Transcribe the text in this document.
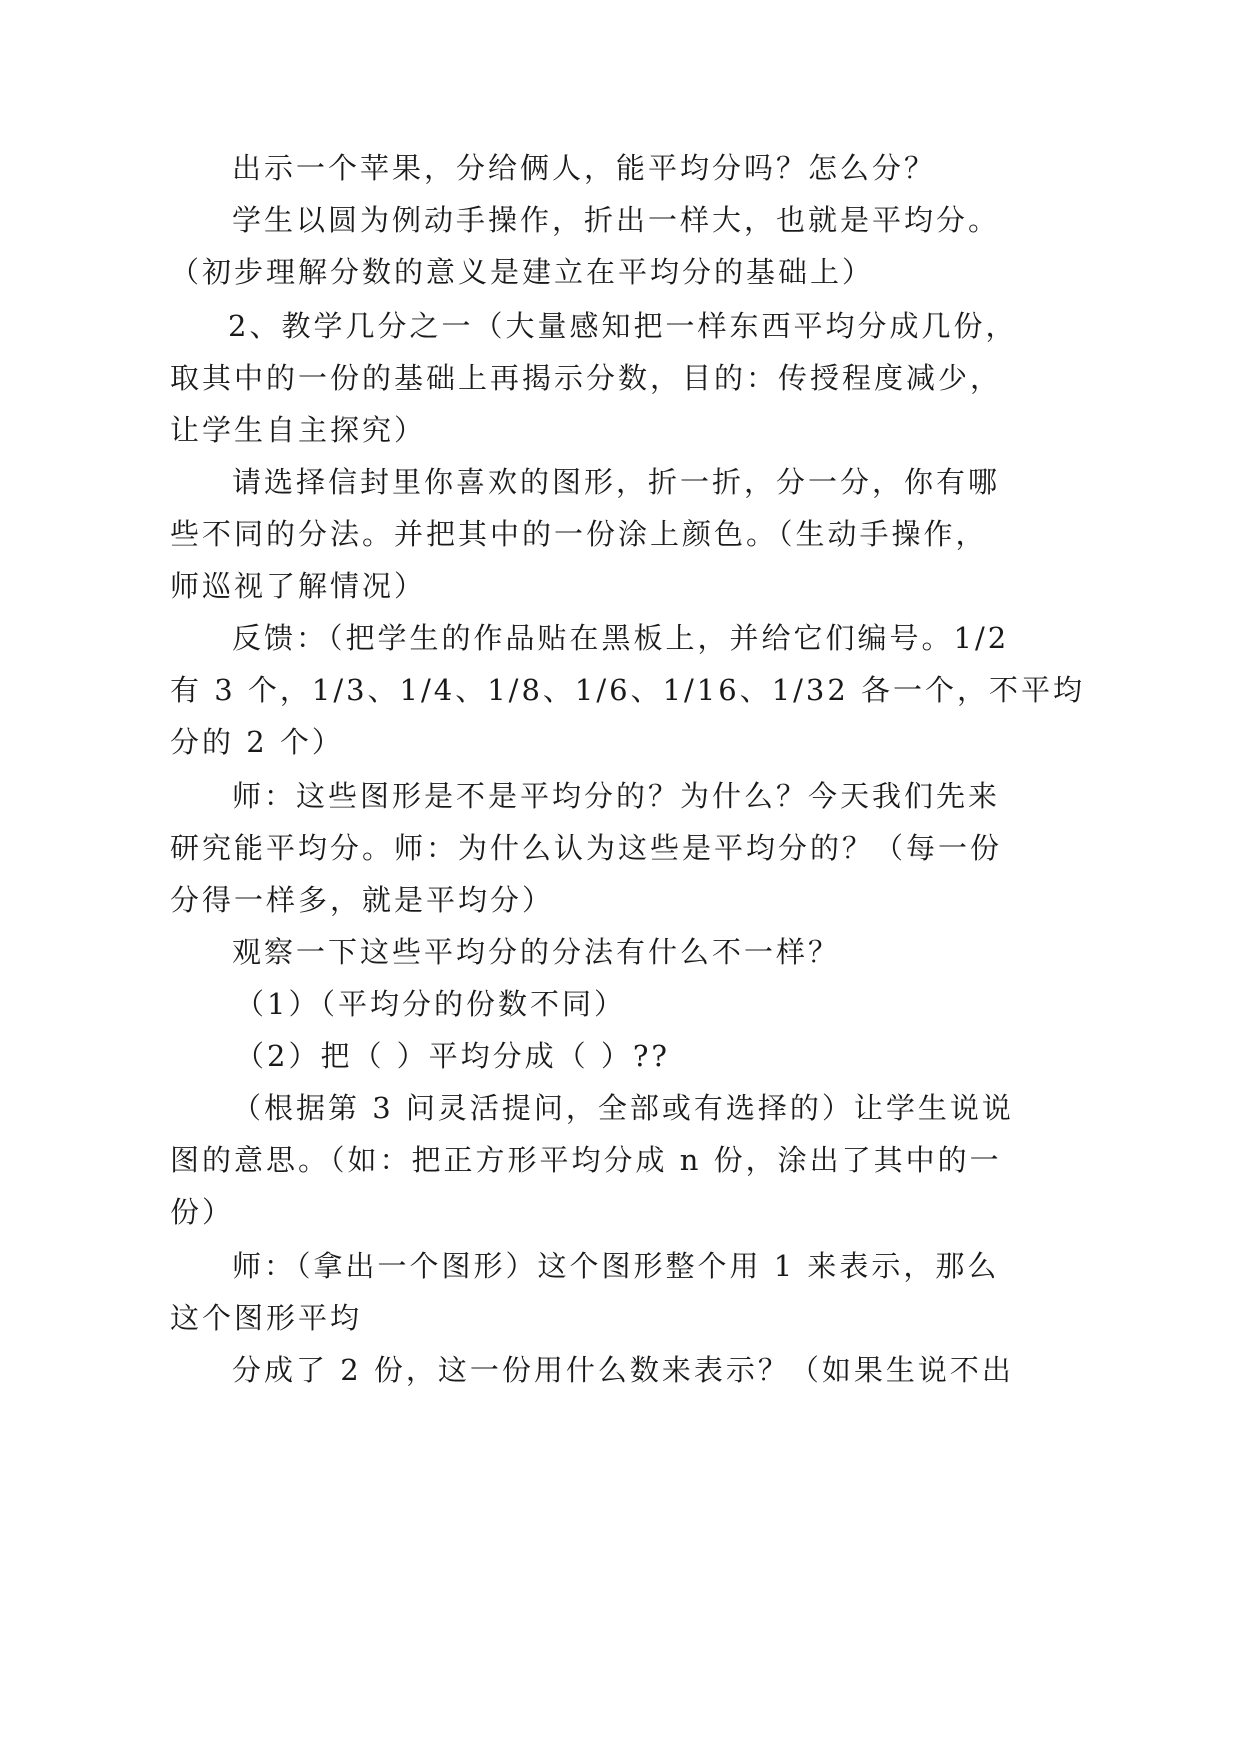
出示一个苹果，分给俩人，能平均分吗？怎么分？

学生以圆为例动手操作，折出一样大，也就是平均分。

（初步理解分数的意义是建立在平均分的基础上）

2、教学几分之一（大量感知把一样东西平均分成几份，

取其中的一份的基础上再揭示分数，目的：传授程度减少，

让学生自主探究）

请选择信封里你喜欢的图形，折一折，分一分，你有哪

些不同的分法。并把其中的一份涂上颜色。（生动手操作，

师巡视了解情况）

反馈：（把学生的作品贴在黑板上，并给它们编号。1/2

有 3 个，1/3、1/4、1/8、1/6、1/16、1/32 各一个，不平均

分的 2 个）

师：这些图形是不是平均分的？为什么？今天我们先来

研究能平均分。师：为什么认为这些是平均分的？（每一份

分得一样多，就是平均分）

观察一下这些平均分的分法有什么不一样？

（1）（平均分的份数不同）

（2）把（ ）平均分成（ ）??

（根据第 3 问灵活提问，全部或有选择的）让学生说说

图的意思。（如：把正方形平均分成 n 份，涂出了其中的一

份）

师：（拿出一个图形）这个图形整个用 1 来表示，那么

这个图形平均

分成了 2 份，这一份用什么数来表示？（如果生说不出
